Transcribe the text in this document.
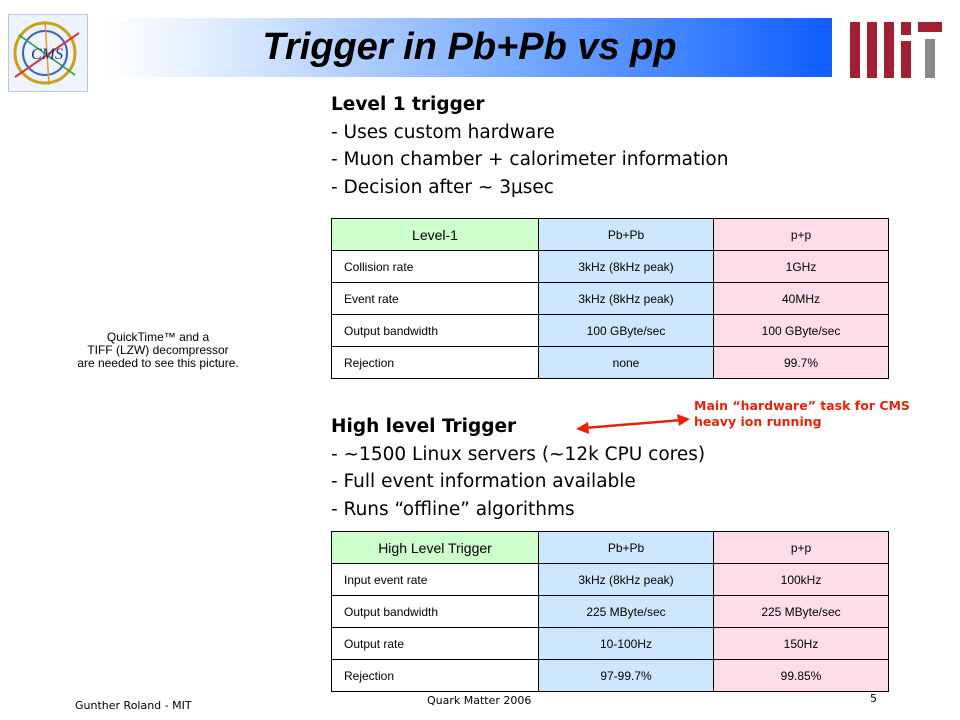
CMS	Trigger in Pb+Pb vs pp
QuickTime™ and a
TIFF (LZW) decompressor
are needed to see this picture.
Level 1 trigger
- Uses custom hardware
- Muon chamber + calorimeter information
- Decision after ~ 3μsec
Level-1	Pb+Pb	p+p
Collision rate	3kHz (8kHz peak)	1GHz
Event rate	3kHz (8kHz peak)	40MHz
Output bandwidth	100 GByte/sec	100 GByte/sec
Rejection	none	99.7%
High level Trigger
- ~1500 Linux servers (~12k CPU cores)
- Full event information available
- Runs “offline” algorithms
Main “hardware” task for CMS
heavy ion running
High Level Trigger	Pb+Pb	p+p
Input event rate	3kHz (8kHz peak)	100kHz
Output bandwidth	225 MByte/sec	225 MByte/sec
Output rate	10-100Hz	150Hz
Rejection	97-99.7%	99.85%
Gunther Roland - MIT	Quark Matter 2006	5
